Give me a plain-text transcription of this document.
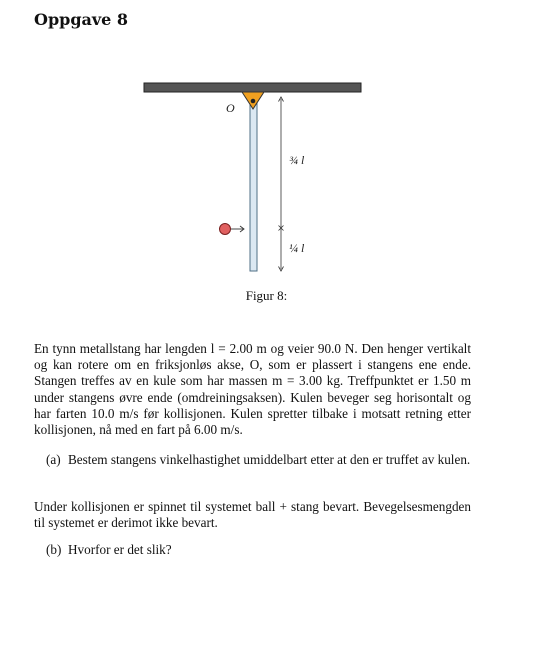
Oppgave 8
O
¾ l
¼ l
Figur 8:
En tynn metallstang har lengden l = 2.00 m og veier 90.0 N. Den henger vertikalt og kan rotere om en friksjonløs akse, O, som er plassert i stangens ene ende. Stangen treffes av en kule som har massen m = 3.00 kg. Treffpunktet er 1.50 m under stangens øvre ende (omdreiningsaksen). Kulen beveger seg horisontalt og har farten 10.0 m/s før kollisjonen. Kulen spretter tilbake i motsatt retning etter kollisjonen, nå med en fart på 6.00 m/s.
(a) Bestem stangens vinkelhastighet umiddelbart etter at den er truffet av kulen.
Under kollisjonen er spinnet til systemet ball + stang bevart. Bevegelsesmengden til systemet er derimot ikke bevart.
(b) Hvorfor er det slik?
